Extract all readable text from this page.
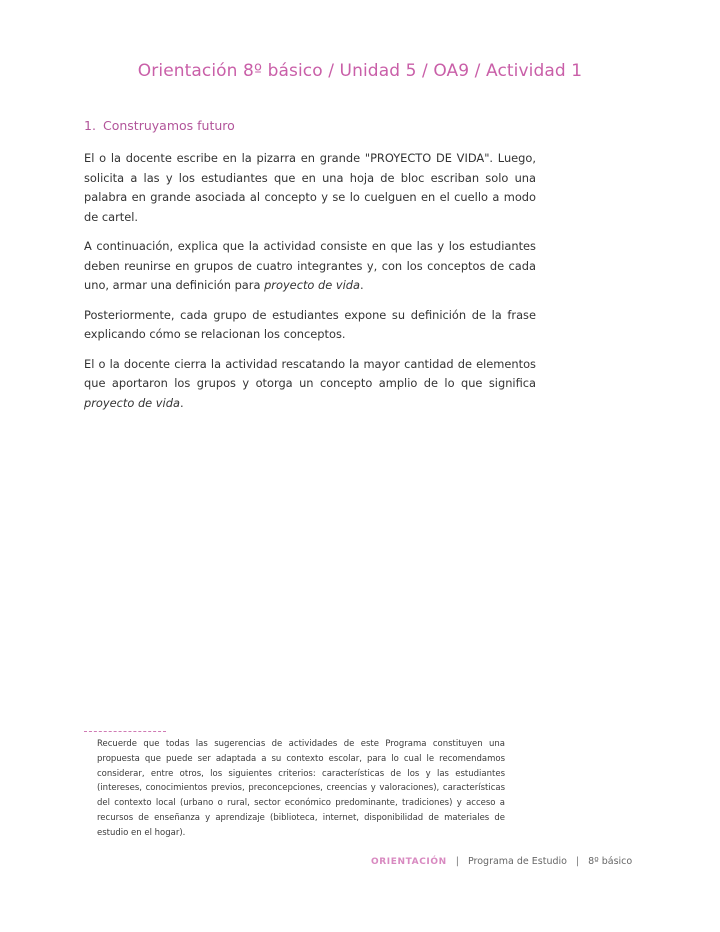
Orientación 8º básico / Unidad 5 / OA9 / Actividad 1
1. Construyamos futuro

El o la docente escribe en la pizarra en grande "PROYECTO DE VIDA". Luego, solicita a las y los estudiantes que en una hoja de bloc escriban solo una palabra en grande asociada al concepto y se lo cuelguen en el cuello a modo de cartel.

A continuación, explica que la actividad consiste en que las y los estudiantes deben reunirse en grupos de cuatro integrantes y, con los conceptos de cada uno, armar una definición para proyecto de vida.

Posteriormente, cada grupo de estudiantes expone su definición de la frase explicando cómo se relacionan los conceptos.

El o la docente cierra la actividad rescatando la mayor cantidad de elementos que aportaron los grupos y otorga un concepto amplio de lo que significa proyecto de vida.

Recuerde que todas las sugerencias de actividades de este Programa constituyen una propuesta que puede ser adaptada a su contexto escolar, para lo cual le recomendamos considerar, entre otros, los siguientes criterios: características de los y las estudiantes (intereses, conocimientos previos, preconcepciones, creencias y valoraciones), características del contexto local (urbano o rural, sector económico predominante, tradiciones) y acceso a recursos de enseñanza y aprendizaje (biblioteca, internet, disponibilidad de materiales de estudio en el hogar).

ORIENTACIÓN | Programa de Estudio | 8º básico
